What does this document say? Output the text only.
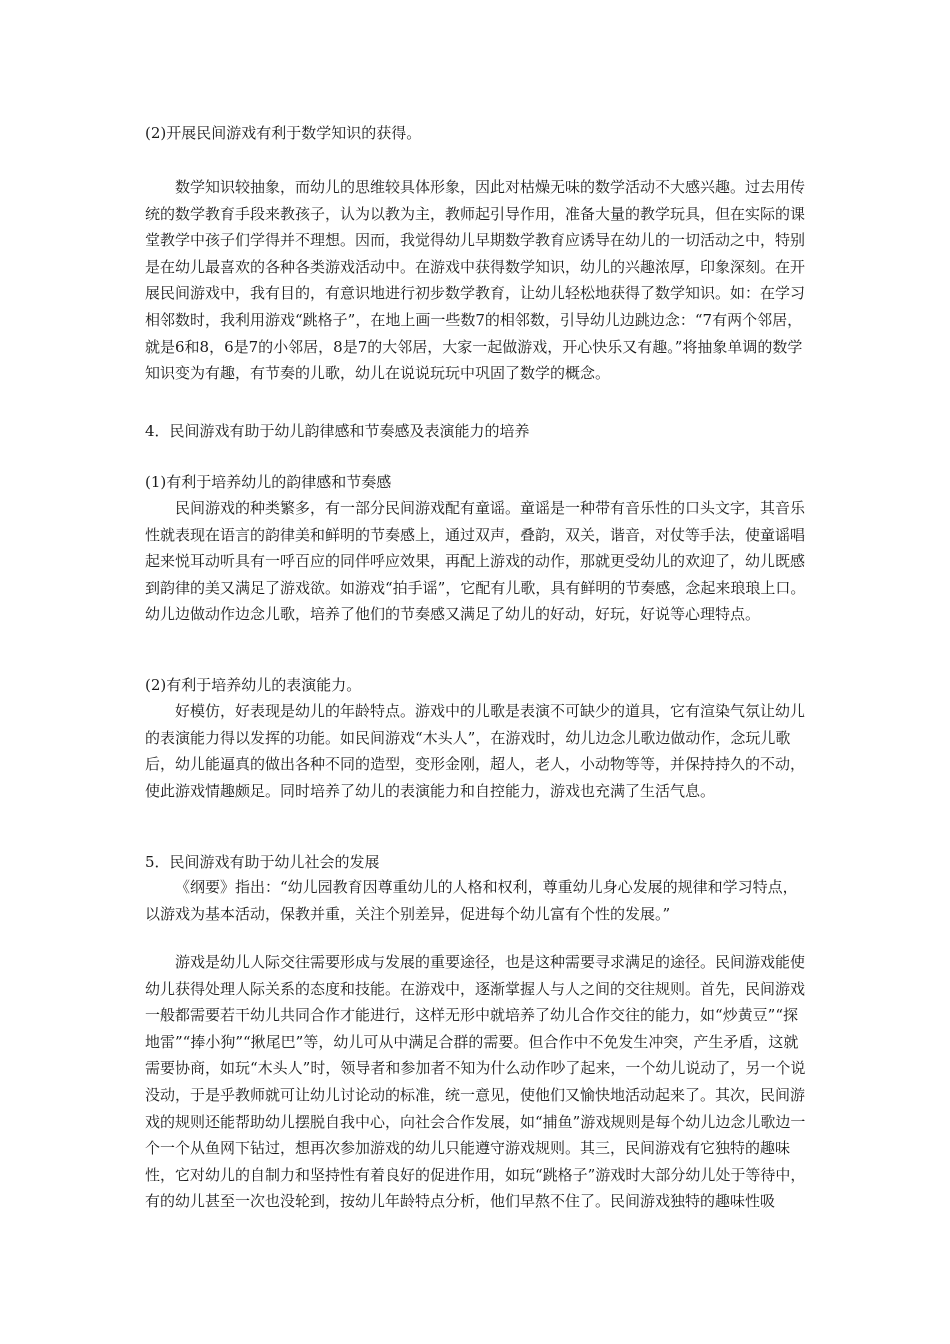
(2)开展民间游戏有利于数学知识的获得。

数学知识较抽象，而幼儿的思维较具体形象，因此对枯燥无味的数学活动不大感兴趣。过去用传统的数学教育手段来教孩子，认为以教为主，教师起引导作用，准备大量的教学玩具，但在实际的课堂教学中孩子们学得并不理想。因而，我觉得幼儿早期数学教育应诱导在幼儿的一切活动之中，特别是在幼儿最喜欢的各种各类游戏活动中。在游戏中获得数学知识，幼儿的兴趣浓厚，印象深刻。在开展民间游戏中，我有目的，有意识地进行初步数学教育，让幼儿轻松地获得了数学知识。如：在学习相邻数时，我利用游戏“跳格子”，在地上画一些数7的相邻数，引导幼儿边跳边念：“7有两个邻居，就是6和8，6是7的小邻居，8是7的大邻居，大家一起做游戏，开心快乐又有趣。”将抽象单调的数学知识变为有趣，有节奏的儿歌，幼儿在说说玩玩中巩固了数学的概念。

4．民间游戏有助于幼儿韵律感和节奏感及表演能力的培养

(1)有利于培养幼儿的韵律感和节奏感

民间游戏的种类繁多，有一部分民间游戏配有童谣。童谣是一种带有音乐性的口头文字，其音乐性就表现在语言的韵律美和鲜明的节奏感上，通过双声，叠韵，双关，谐音，对仗等手法，使童谣唱起来悦耳动听具有一呼百应的同伴呼应效果，再配上游戏的动作，那就更受幼儿的欢迎了，幼儿既感到韵律的美又满足了游戏欲。如游戏“拍手谣”，它配有儿歌，具有鲜明的节奏感，念起来琅琅上口。幼儿边做动作边念儿歌，培养了他们的节奏感又满足了幼儿的好动，好玩，好说等心理特点。

(2)有利于培养幼儿的表演能力。

好模仿，好表现是幼儿的年龄特点。游戏中的儿歌是表演不可缺少的道具，它有渲染气氛让幼儿的表演能力得以发挥的功能。如民间游戏“木头人”，在游戏时，幼儿边念儿歌边做动作，念玩儿歌后，幼儿能逼真的做出各种不同的造型，变形金刚，超人，老人，小动物等等，并保持持久的不动，使此游戏情趣颇足。同时培养了幼儿的表演能力和自控能力，游戏也充满了生活气息。

5．民间游戏有助于幼儿社会的发展

《纲要》指出：“幼儿园教育因尊重幼儿的人格和权利，尊重幼儿身心发展的规律和学习特点，以游戏为基本活动，保教并重，关注个别差异，促进每个幼儿富有个性的发展。”

游戏是幼儿人际交往需要形成与发展的重要途径，也是这种需要寻求满足的途径。民间游戏能使幼儿获得处理人际关系的态度和技能。在游戏中，逐渐掌握人与人之间的交往规则。首先，民间游戏一般都需要若干幼儿共同合作才能进行，这样无形中就培养了幼儿合作交往的能力，如“炒黄豆”“探地雷”“捧小狗”“揪尾巴”等，幼儿可从中满足合群的需要。但合作中不免发生冲突，产生矛盾，这就需要协商，如玩“木头人”时，领导者和参加者不知为什么动作吵了起来，一个幼儿说动了，另一个说没动，于是乎教师就可让幼儿讨论动的标准，统一意见，使他们又愉快地活动起来了。其次，民间游戏的规则还能帮助幼儿摆脱自我中心，向社会合作发展，如“捕鱼”游戏规则是每个幼儿边念儿歌边一个一个从鱼网下钻过，想再次参加游戏的幼儿只能遵守游戏规则。其三，民间游戏有它独特的趣味性，它对幼儿的自制力和坚持性有着良好的促进作用，如玩“跳格子”游戏时大部分幼儿处于等待中，有的幼儿甚至一次也没轮到，按幼儿年龄特点分析，他们早熬不住了。民间游戏独特的趣味性吸
